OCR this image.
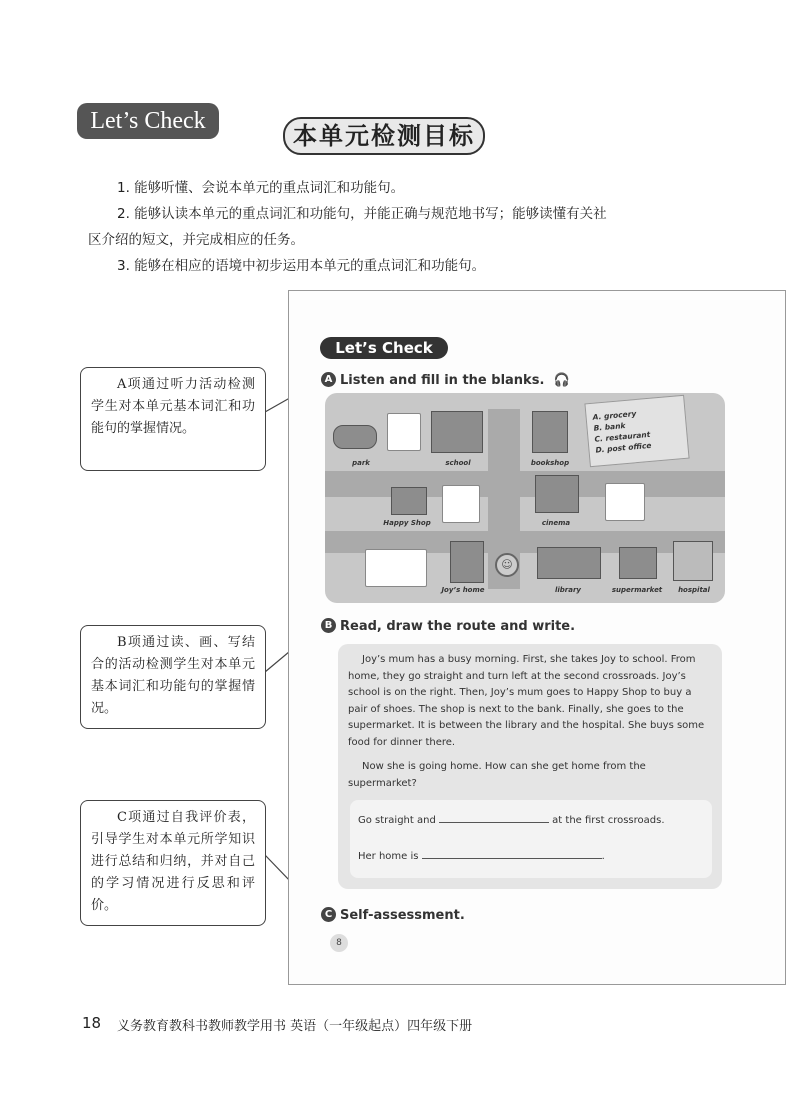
Let’s Check
本单元检测目标
1. 能够听懂、会说本单元的重点词汇和功能句。
2. 能够认读本单元的重点词汇和功能句，并能正确与规范地书写；能够读懂有关社
区介绍的短文，并完成相应的任务。
3. 能够在相应的语境中初步运用本单元的重点词汇和功能句。
A项通过听力活动检测学生对本单元基本词汇和功能句的掌握情况。
B项通过读、画、写结合的活动检测学生对本单元基本词汇和功能句的掌握情况。
C项通过自我评价表，引导学生对本单元所学知识进行总结和归纳，并对自己的学习情况进行反思和评价。
Let’s Check
A Listen and fill in the blanks. 🎧
☺
park	school	bookshop
Happy Shop	cinema
Joy’s home	library	supermarket	hospital
A. grocery
B. bank
C. restaurant
D. post office
B Read, draw the route and write.
Joy’s mum has a busy morning. First, she takes Joy to school. From home, they go straight and turn left at the second crossroads. Joy’s school is on the right. Then, Joy’s mum goes to Happy Shop to buy a pair of shoes. The shop is next to the bank. Finally, she goes to the supermarket. It is between the library and the hospital. She buys some food for dinner there.
Now she is going home. How can she get home from the supermarket?
Go straight and	at the first crossroads.
Her home is	.
C Self-assessment.
8
18 义务教育教科书教师教学用书 英语（一年级起点）四年级下册
